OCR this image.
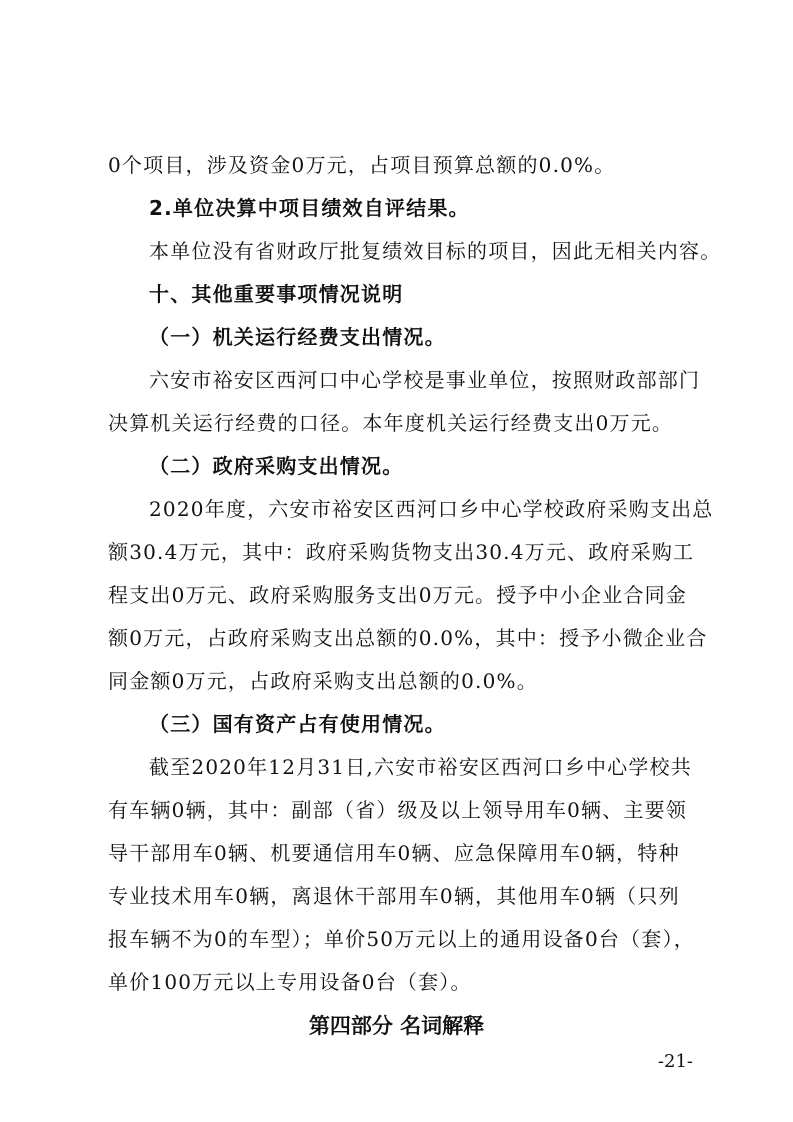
0个项目，涉及资金0万元，占项目预算总额的0.0%。
2.单位决算中项目绩效自评结果。
本单位没有省财政厅批复绩效目标的项目，因此无相关内容。
十、其他重要事项情况说明
（一）机关运行经费支出情况。
六安市裕安区西河口中心学校是事业单位，按照财政部部门
决算机关运行经费的口径。本年度机关运行经费支出0万元。
（二）政府采购支出情况。
2020年度，六安市裕安区西河口乡中心学校政府采购支出总
额30.4万元，其中：政府采购货物支出30.4万元、政府采购工
程支出0万元、政府采购服务支出0万元。授予中小企业合同金
额0万元，占政府采购支出总额的0.0%，其中：授予小微企业合
同金额0万元，占政府采购支出总额的0.0%。
（三）国有资产占有使用情况。
截至2020年12月31日,六安市裕安区西河口乡中心学校共
有车辆0辆，其中：副部（省）级及以上领导用车0辆、主要领
导干部用车0辆、机要通信用车0辆、应急保障用车0辆，特种
专业技术用车0辆，离退休干部用车0辆，其他用车0辆（只列
报车辆不为0的车型）；单价50万元以上的通用设备0台（套），
单价100万元以上专用设备0台（套）。
第四部分 名词解释
-21-
